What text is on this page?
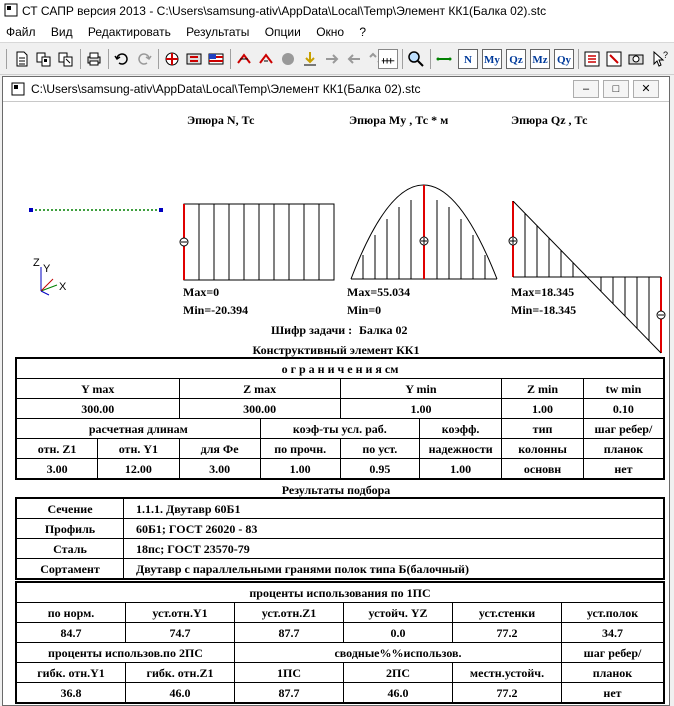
СТ САПР версия 2013 - C:\Users\samsung-ativ\AppData\Local\Temp\Элемент КК1(Балка 02).stc
Файл Вид Редактировать Результаты Опции Окно ?
N	My Qz Mz Qy	?
C:\Users\samsung-ativ\AppData\Local\Temp\Элемент КК1(Балка 02).stc	–	□	✕
Z Y
X
Эпюра N, Тс	Эпюра My , Тс * м	Эпюра Qz , Тс
Max=0
Min=-20.394
Max=55.034
Min=0
Max=18.345
Min=-18.345
Шифр задачи : Балка 02
Конструктивный элемент КК1
о г р а н и ч е н и я см							
Y max		Z max		Y min		Z min	tw min
300.00		300.00		1.00		1.00	0.10
расчетная длинам			коэф-ты усл. раб.		коэфф.	тип	шаг ребер/
отн. Z1	отн. Y1	для Фе	по прочн.	по уст.	надежности	колонны	планок
3.00	12.00	3.00	1.00	0.95	1.00	основн	нет
Результаты подбора
Сечение	1.1.1. Двутавр 60Б1
Профиль	60Б1; ГОСТ 26020 - 83
Сталь	18пс; ГОСТ 23570-79
Сортамент	Двутавр с параллельными гранями полок типа Б(балочный)
проценты использования по 1ПС					
по норм.	уст.отн.Y1	уст.отн.Z1	устойч. YZ	уст.стенки	уст.полок
84.7	74.7	87.7	0.0	77.2	34.7
проценты использов.по 2ПС		сводные%%использов.			шаг ребер/
гибк. отн.Y1	гибк. отн.Z1	1ПС	2ПС	местн.устойч.	планок
36.8	46.0	87.7	46.0	77.2	нет
